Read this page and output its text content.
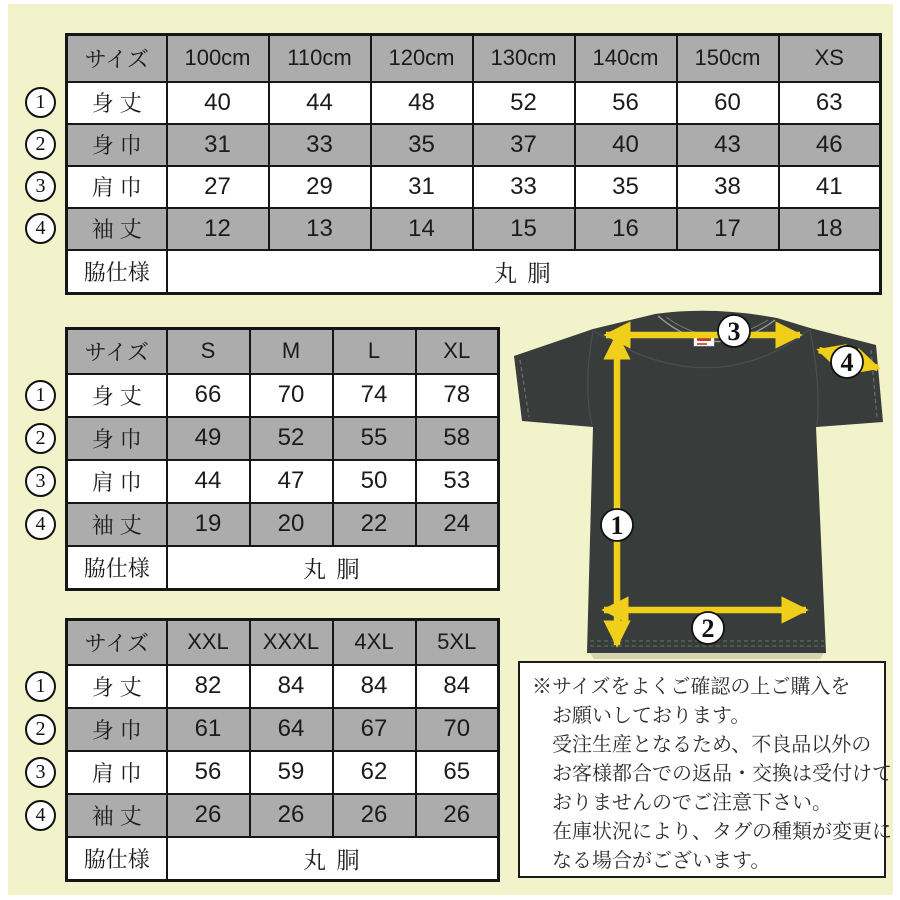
サイズ	100cm	110cm	120cm	130cm	140cm	150cm	XS
身 丈	40	44	48	52	56	60	63
身 巾	31	33	35	37	40	43	46
肩 巾	27	29	31	33	35	38	41
袖 丈	12	13	14	15	16	17	18
脇仕様	丸 胴						
1
2
3
4
サイズ	S	M	L	XL
身 丈	66	70	74	78
身 巾	49	52	55	58
肩 巾	44	47	50	53
袖 丈	19	20	22	24
脇仕様	丸 胴			
1
2
3
4
サイズ	XXL	XXXL	4XL	5XL
身 丈	82	84	84	84
身 巾	61	64	67	70
肩 巾	56	59	62	65
袖 丈	26	26	26	26
脇仕様	丸 胴			
1
2
3
4
1
2
3
4
※サイズをよくご確認の上ご購入を
お願いしております。
受注生産となるため、不良品以外の
お客様都合での返品・交換は受付けて
おりませんのでご注意下さい。
在庫状況により、タグの種類が変更に
なる場合がございます。
